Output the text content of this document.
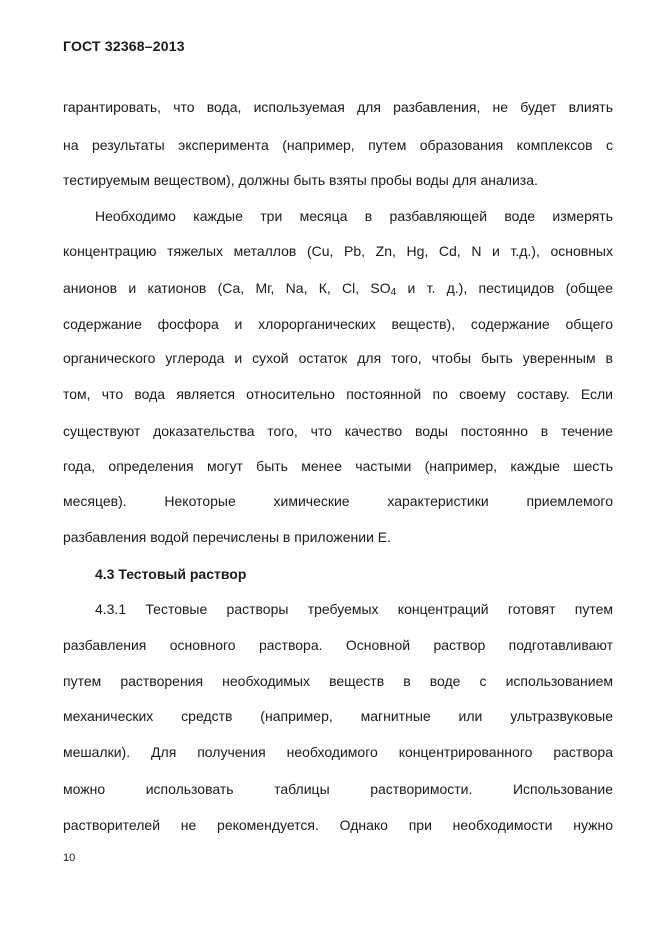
ГОСТ 32368–2013
гарантировать, что вода, используемая для разбавления, не будет влиять
на результаты эксперимента (например, путем образования комплексов с
тестируемым веществом), должны быть взяты пробы воды для анализа.
Необходимо каждые три месяца в разбавляющей воде измерять
концентрацию тяжелых металлов (Cu, Pb, Zn, Hg, Cd, N и т.д.), основных
анионов и катионов (Са, Мг, Na, К, Cl, $SO_4$ и т. д.), пестицидов (общее
содержание фосфора и хлорорганических веществ), содержание общего
органического углерода и сухой остаток для того, чтобы быть уверенным в
том, что вода является относительно постоянной по своему составу. Если
существуют доказательства того, что качество воды постоянно в течение
года, определения могут быть менее частыми (например, каждые шесть
месяцев). Некоторые химические характеристики приемлемого
разбавления водой перечислены в приложении Е.
4.3 Тестовый раствор
4.3.1 Тестовые растворы требуемых концентраций готовят путем
разбавления основного раствора. Основной раствор подготавливают
путем растворения необходимых веществ в воде с использованием
механических средств (например, магнитные или ультразвуковые
мешалки). Для получения необходимого концентрированного раствора
можно использовать таблицы растворимости. Использование
растворителей не рекомендуется. Однако при необходимости нужно
10
